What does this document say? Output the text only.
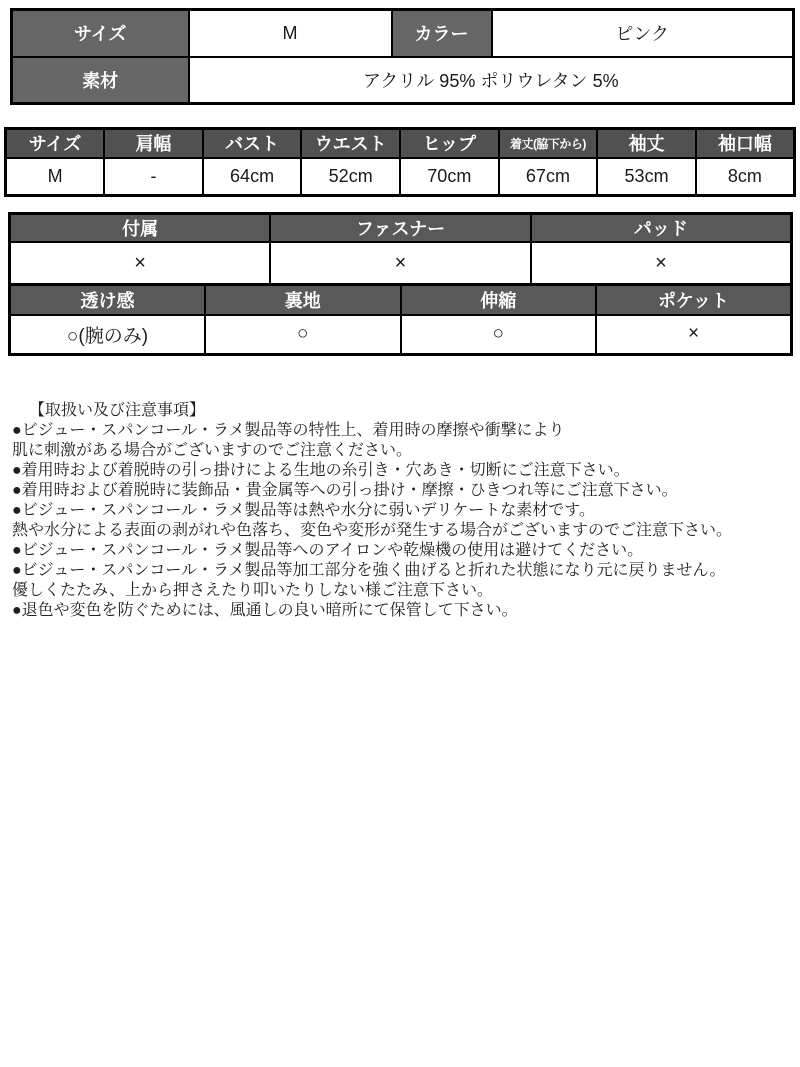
サイズ	M	カラー	ピンク
素材	アクリル 95% ポリウレタン 5%		
サイズ	肩幅	バスト	ウエスト	ヒップ	着丈(脇下から)	袖丈	袖口幅
M	-	64cm	52cm	70cm	67cm	53cm	8cm
付属	ファスナー	パッド
×	×	×
透け感	裏地	伸縮	ポケット
○(腕のみ)	○	○	×
【取扱い及び注意事項】
●ビジュー・スパンコール・ラメ製品等の特性上、着用時の摩擦や衝撃により
肌に刺激がある場合がございますのでご注意ください。
●着用時および着脱時の引っ掛けによる生地の糸引き・穴あき・切断にご注意下さい。
●着用時および着脱時に装飾品・貴金属等への引っ掛け・摩擦・ひきつれ等にご注意下さい。
●ビジュー・スパンコール・ラメ製品等は熱や水分に弱いデリケートな素材です。
熱や水分による表面の剥がれや色落ち、変色や変形が発生する場合がございますのでご注意下さい。
●ビジュー・スパンコール・ラメ製品等へのアイロンや乾燥機の使用は避けてください。
●ビジュー・スパンコール・ラメ製品等加工部分を強く曲げると折れた状態になり元に戻りません。
優しくたたみ、上から押さえたり叩いたりしない様ご注意下さい。
●退色や変色を防ぐためには、風通しの良い暗所にて保管して下さい。
